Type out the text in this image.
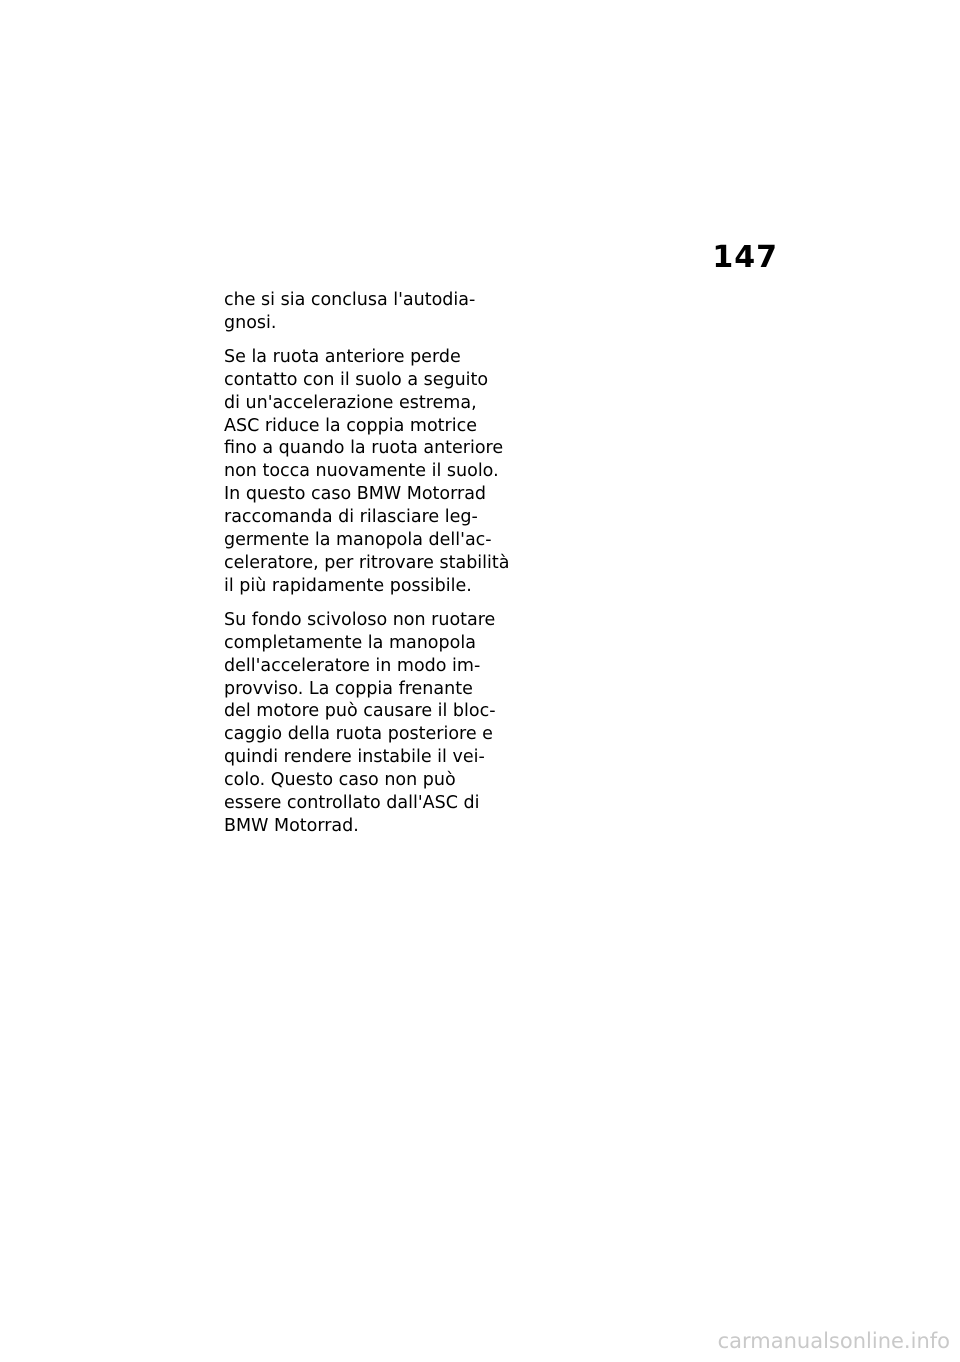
147

che si sia conclusa l'autodia-
gnosi.

Se la ruota anteriore perde
contatto con il suolo a seguito
di un'accelerazione estrema,
ASC riduce la coppia motrice
fino a quando la ruota anteriore
non tocca nuovamente il suolo.
In questo caso BMW Motorrad
raccomanda di rilasciare leg-
germente la manopola dell'ac-
celeratore, per ritrovare stabilità
il più rapidamente possibile.

Su fondo scivoloso non ruotare
completamente la manopola
dell'acceleratore in modo im-
provviso. La coppia frenante
del motore può causare il bloc-
caggio della ruota posteriore e
quindi rendere instabile il vei-
colo. Questo caso non può
essere controllato dall'ASC di
BMW Motorrad.

carmanualsonline.info
